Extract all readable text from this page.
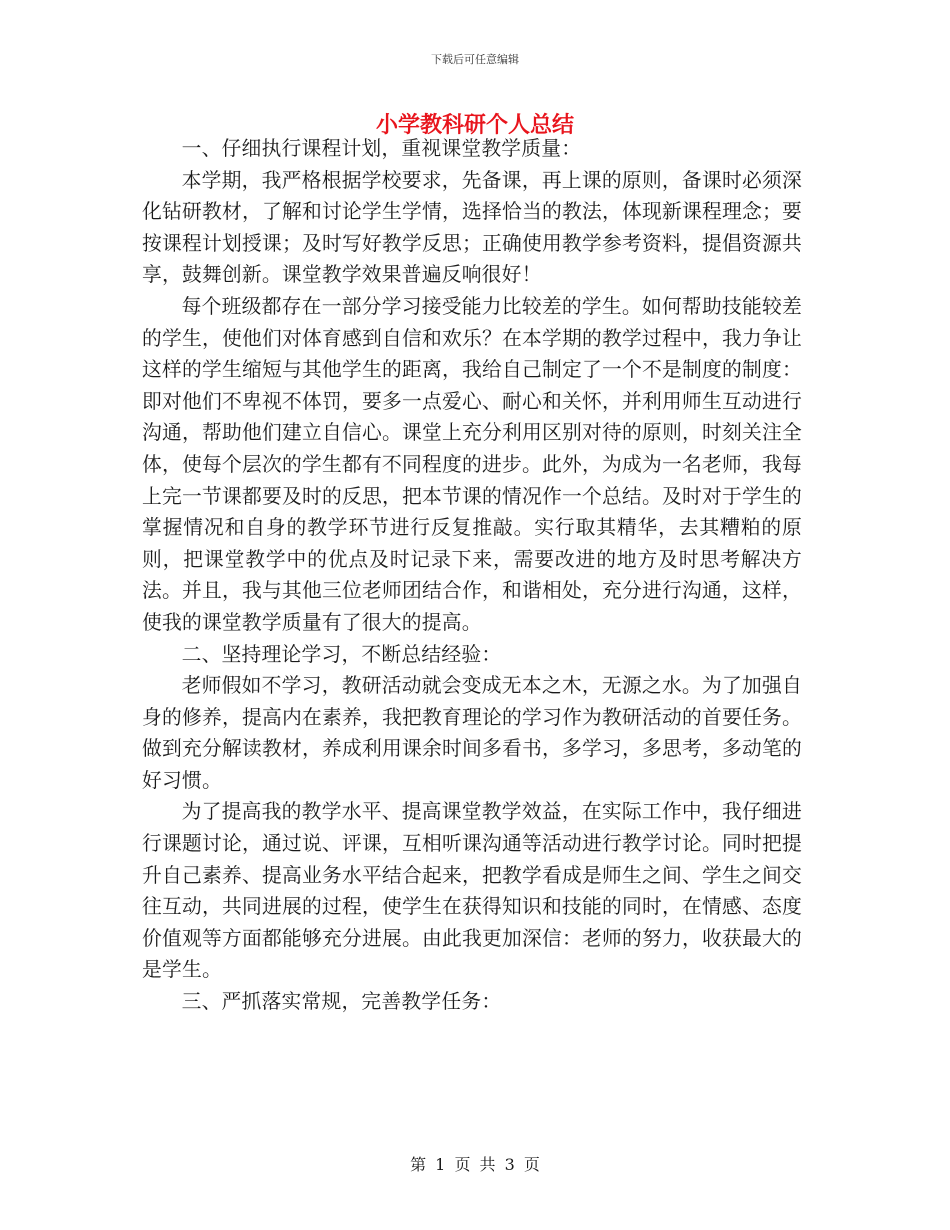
下载后可任意编辑
小学教科研个人总结

一、仔细执行课程计划，重视课堂教学质量：

本学期，我严格根据学校要求，先备课，再上课的原则，备课时必须深化钻研教材，了解和讨论学生学情，选择恰当的教法，体现新课程理念；要按课程计划授课；及时写好教学反思；正确使用教学参考资料，提倡资源共享，鼓舞创新。课堂教学效果普遍反响很好！

每个班级都存在一部分学习接受能力比较差的学生。如何帮助技能较差的学生，使他们对体育感到自信和欢乐？在本学期的教学过程中，我力争让这样的学生缩短与其他学生的距离，我给自己制定了一个不是制度的制度：即对他们不卑视不体罚，要多一点爱心、耐心和关怀，并利用师生互动进行沟通，帮助他们建立自信心。课堂上充分利用区别对待的原则，时刻关注全体，使每个层次的学生都有不同程度的进步。此外，为成为一名老师，我每上完一节课都要及时的反思，把本节课的情况作一个总结。及时对于学生的掌握情况和自身的教学环节进行反复推敲。实行取其精华，去其糟粕的原则，把课堂教学中的优点及时记录下来，需要改进的地方及时思考解决方法。并且，我与其他三位老师团结合作，和谐相处，充分进行沟通，这样，使我的课堂教学质量有了很大的提高。

二、坚持理论学习，不断总结经验：

老师假如不学习，教研活动就会变成无本之木，无源之水。为了加强自身的修养，提高内在素养，我把教育理论的学习作为教研活动的首要任务。做到充分解读教材，养成利用课余时间多看书，多学习，多思考，多动笔的好习惯。

为了提高我的教学水平、提高课堂教学效益，在实际工作中，我仔细进行课题讨论，通过说、评课，互相听课沟通等活动进行教学讨论。同时把提升自己素养、提高业务水平结合起来，把教学看成是师生之间、学生之间交往互动，共同进展的过程，使学生在获得知识和技能的同时，在情感、态度价值观等方面都能够充分进展。由此我更加深信：老师的努力，收获最大的是学生。

三、严抓落实常规，完善教学任务：

第 1 页 共 3 页
